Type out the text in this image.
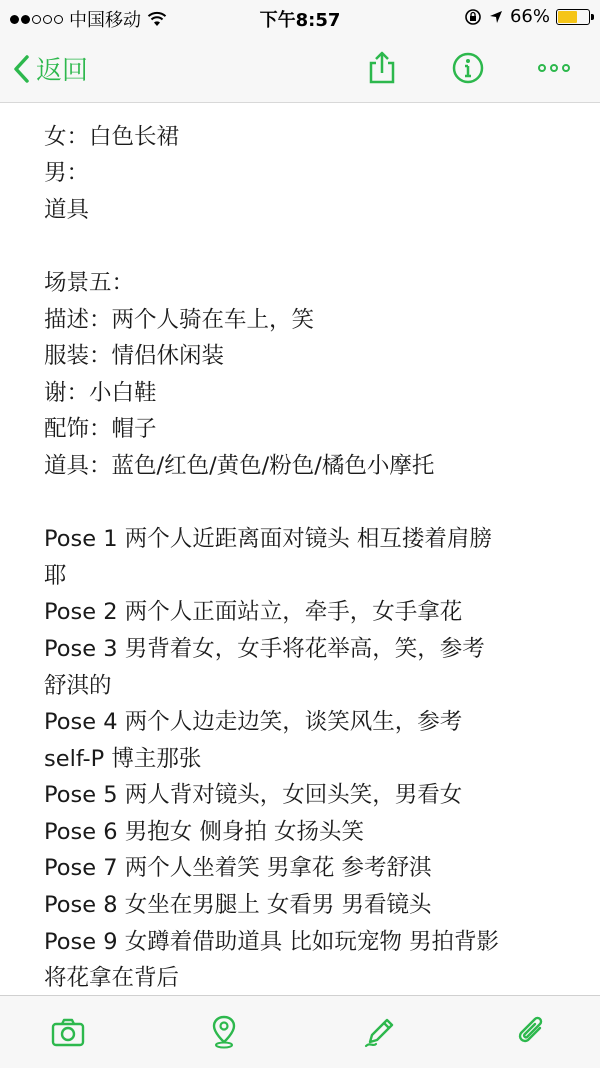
中国移动	下午8:57	66%
返回
女：白色长裙
男：
道具
场景五：
描述：两个人骑在车上，笑
服装：情侣休闲装
谢：小白鞋
配饰：帽子
道具：蓝色/红色/黄色/粉色/橘色小摩托
Pose 1 两个人近距离面对镜头 相互搂着肩膀
耶
Pose 2 两个人正面站立，牵手，女手拿花
Pose 3 男背着女，女手将花举高，笑，参考
舒淇的
Pose 4 两个人边走边笑，谈笑风生，参考
self-P 博主那张
Pose 5 两人背对镜头，女回头笑，男看女
Pose 6 男抱女 侧身拍 女扬头笑
Pose 7 两个人坐着笑 男拿花 参考舒淇
Pose 8 女坐在男腿上 女看男 男看镜头
Pose 9 女蹲着借助道具 比如玩宠物 男拍背影
将花拿在背后
